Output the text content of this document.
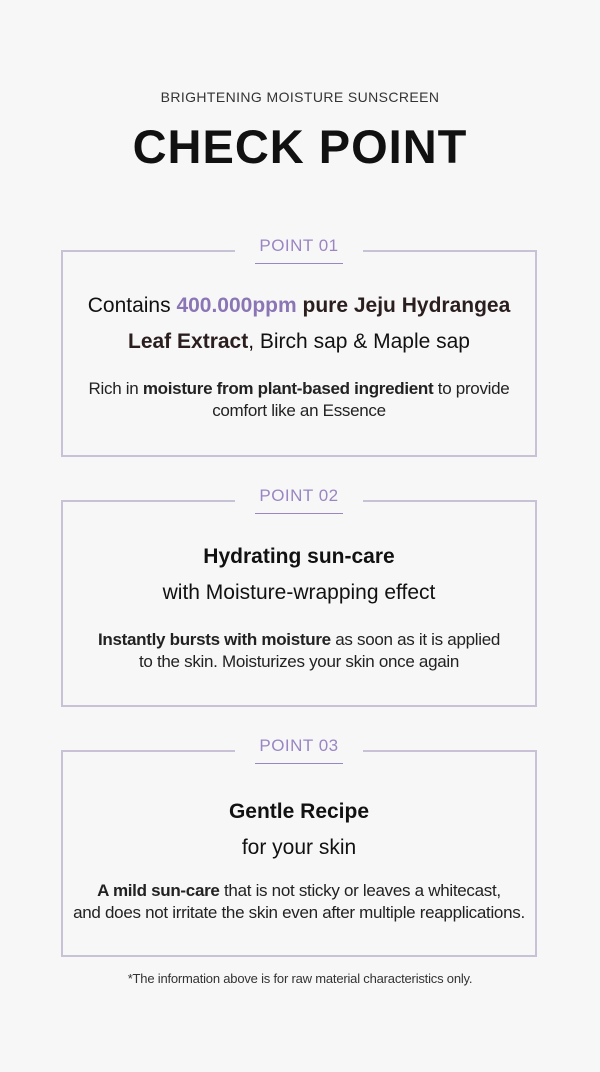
BRIGHTENING MOISTURE SUNSCREEN
CHECK POINT
POINT 01

Contains 400.000ppm pure Jeju Hydrangea

Leaf Extract, Birch sap & Maple sap

Rich in moisture from plant-based ingredient to provide
comfort like an Essence

POINT 02

Hydrating sun-care

with Moisture-wrapping effect

Instantly bursts with moisture as soon as it is applied
to the skin. Moisturizes your skin once again

POINT 03

Gentle Recipe

for your skin

A mild sun-care that is not sticky or leaves a whitecast,
and does not irritate the skin even after multiple reapplications.

*The information above is for raw material characteristics only.
